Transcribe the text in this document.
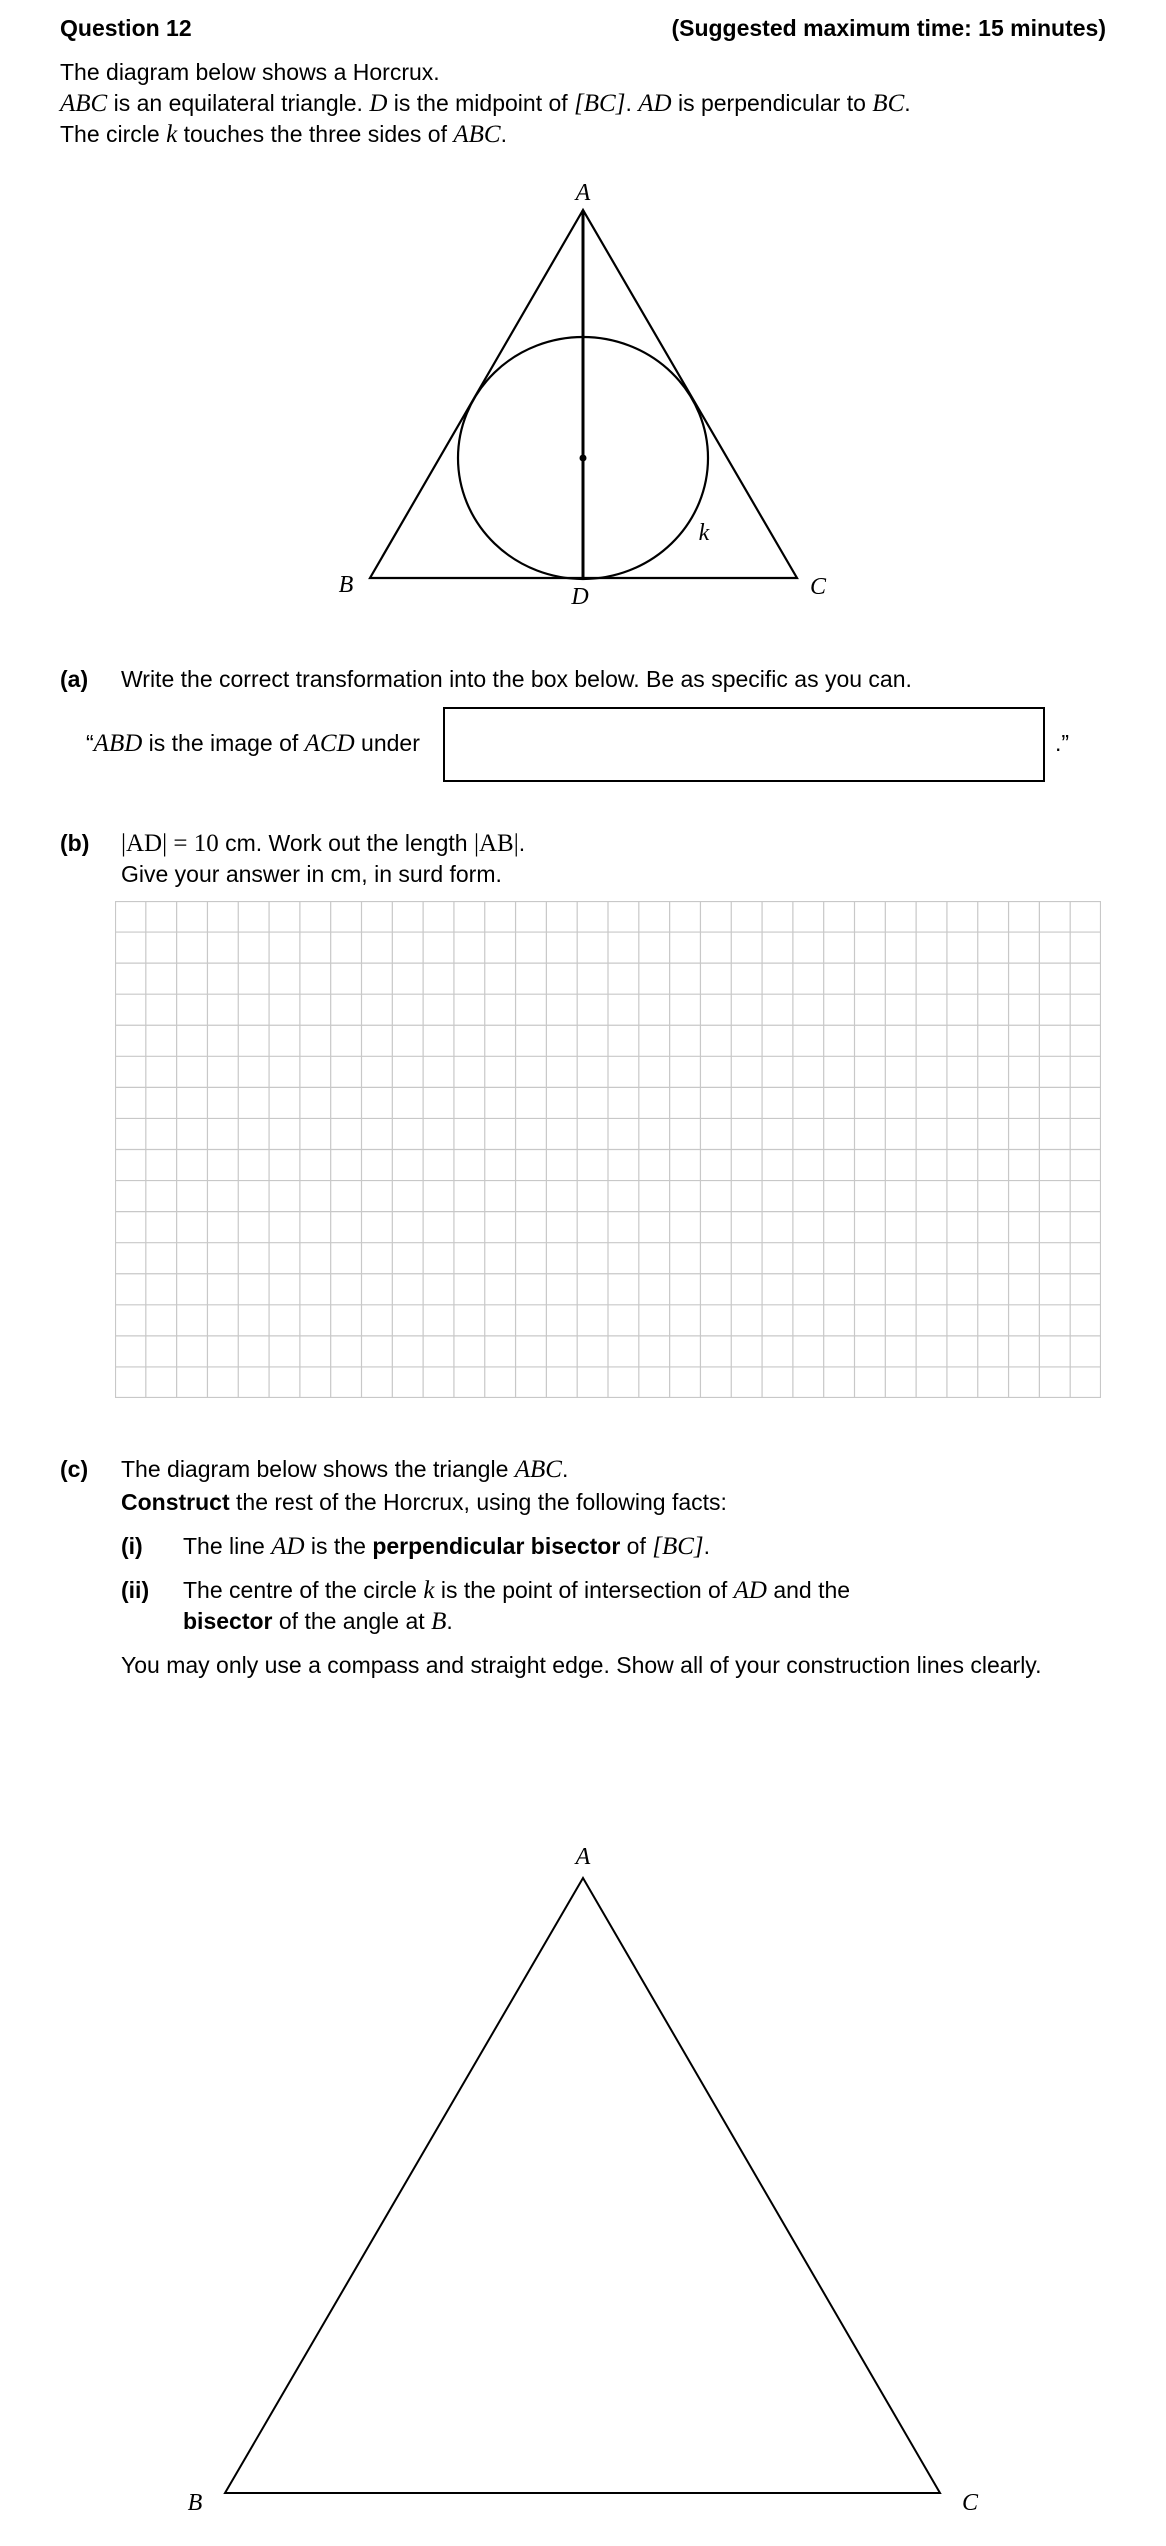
Question 12	(Suggested maximum time: 15 minutes)
The diagram below shows a Horcrux.
ABC is an equilateral triangle. D is the midpoint of [BC]. AD is perpendicular to BC.
The circle k touches the three sides of ABC.
A
B	C
D
k
(a) Write the correct transformation into the box below. Be as specific as you can.
“ABD is the image of ACD under	.”
(b) |AD| = 10 cm. Work out the length |AB|.
Give your answer in cm, in surd form.
(c) The diagram below shows the triangle ABC.
Construct the rest of the Horcrux, using the following facts:
(i) The line AD is the perpendicular bisector of [BC].
(ii) The centre of the circle k is the point of intersection of AD and the
bisector of the angle at B.
You may only use a compass and straight edge. Show all of your construction lines clearly.
A
B	C
